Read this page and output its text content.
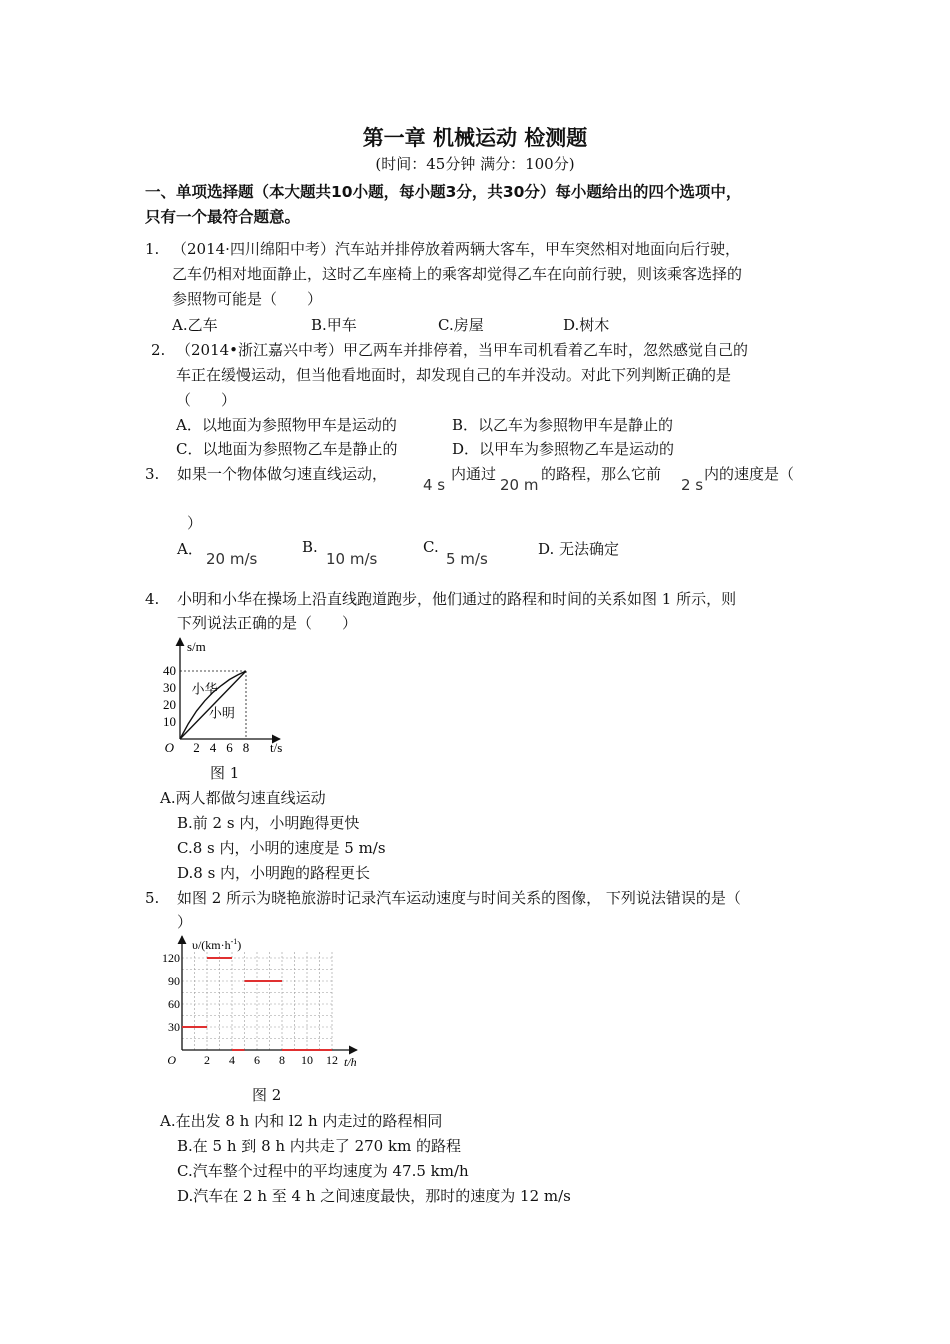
第一章 机械运动 检测题
(时间：45分钟 满分：100分)
一、单项选择题（本大题共10小题，每小题3分，共30分）每小题给出的四个选项中，
只有一个最符合题意。
1. （2014·四川绵阳中考）汽车站并排停放着两辆大客车，甲车突然相对地面向后行驶，
乙车仍相对地面静止，这时乙车座椅上的乘客却觉得乙车在向前行驶，则该乘客选择的
参照物可能是（　　）
A.乙车	B.甲车	C.房屋	D.树木
2. （2014•浙江嘉兴中考）甲乙两车并排停着，当甲车司机看着乙车时，忽然感觉自己的
车正在缓慢运动，但当他看地面时，却发现自己的车并没动。对此下列判断正确的是
（　　）
A．以地面为参照物甲车是运动的	B．以乙车为参照物甲车是静止的
C．以地面为参照物乙车是静止的	D．以甲车为参照物乙车是运动的
3. 如果一个物体做匀速直线运动，
4 s
内通过
20 m
的路程，那么它前
2 s
内的速度是（
）
A．
20 m/s
B.
10 m/s
C.
5 m/s
D. 无法确定
4. 小明和小华在操场上沿直线跑道跑步，他们通过的路程和时间的关系如图 1 所示，则
下列说法正确的是（　　）
2 4 6 8
10
20
30
40
O	t/s
s/m
小华
小明
图 1
A.两人都做匀速直线运动
B.前 2 s 内，小明跑得更快
C.8 s 内，小明的速度是 5 m/s
D.8 s 内，小明跑的路程更长
5. 如图 2 所示为晓艳旅游时记录汽车运动速度与时间关系的图像， 下列说法错误的是（
）
2 4 6 8 10 12
30
60
90
120
O	t/h
$\upsilon/(km\cdot h^{-1})$
图 2
A.在出发 8 h 内和 l2 h 内走过的路程相同
B.在 5 h 到 8 h 内共走了 270 km 的路程
C.汽车整个过程中的平均速度为 47.5 km/h
D.汽车在 2 h 至 4 h 之间速度最快，那时的速度为 12 m/s
